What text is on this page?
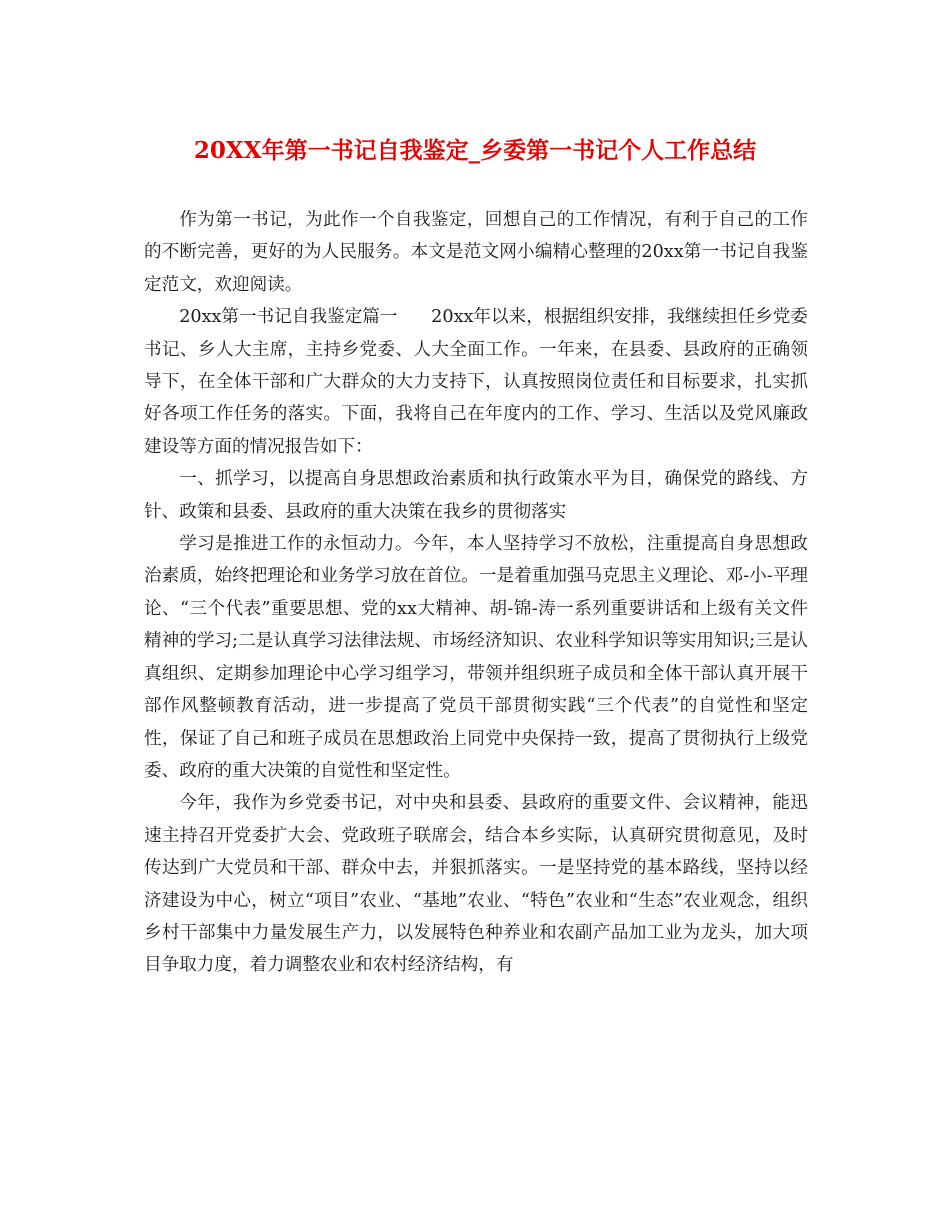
20XX年第一书记自我鉴定_乡委第一书记个人工作总结

作为第一书记，为此作一个自我鉴定，回想自己的工作情况，有利于自己的工作的不断完善，更好的为人民服务。本文是范文网小编精心整理的20xx第一书记自我鉴定范文，欢迎阅读。

20xx第一书记自我鉴定篇一      20xx年以来，根据组织安排，我继续担任乡党委书记、乡人大主席，主持乡党委、人大全面工作。一年来，在县委、县政府的正确领导下，在全体干部和广大群众的大力支持下，认真按照岗位责任和目标要求，扎实抓好各项工作任务的落实。下面，我将自己在年度内的工作、学习、生活以及党风廉政建设等方面的情况报告如下：

一、抓学习，以提高自身思想政治素质和执行政策水平为目，确保党的路线、方针、政策和县委、县政府的重大决策在我乡的贯彻落实

学习是推进工作的永恒动力。今年，本人坚持学习不放松，注重提高自身思想政治素质，始终把理论和业务学习放在首位。一是着重加强马克思主义理论、邓-小-平理论、“三个代表”重要思想、党的xx大精神、胡-锦-涛一系列重要讲话和上级有关文件精神的学习;二是认真学习法律法规、市场经济知识、农业科学知识等实用知识;三是认真组织、定期参加理论中心学习组学习，带领并组织班子成员和全体干部认真开展干部作风整顿教育活动，进一步提高了党员干部贯彻实践“三个代表”的自觉性和坚定性，保证了自己和班子成员在思想政治上同党中央保持一致，提高了贯彻执行上级党委、政府的重大决策的自觉性和坚定性。

今年，我作为乡党委书记，对中央和县委、县政府的重要文件、会议精神，能迅速主持召开党委扩大会、党政班子联席会，结合本乡实际，认真研究贯彻意见，及时传达到广大党员和干部、群众中去，并狠抓落实。一是坚持党的基本路线，坚持以经济建设为中心，树立“项目”农业、“基地”农业、“特色”农业和“生态”农业观念，组织乡村干部集中力量发展生产力，以发展特色种养业和农副产品加工业为龙头，加大项目争取力度，着力调整农业和农村经济结构，有
